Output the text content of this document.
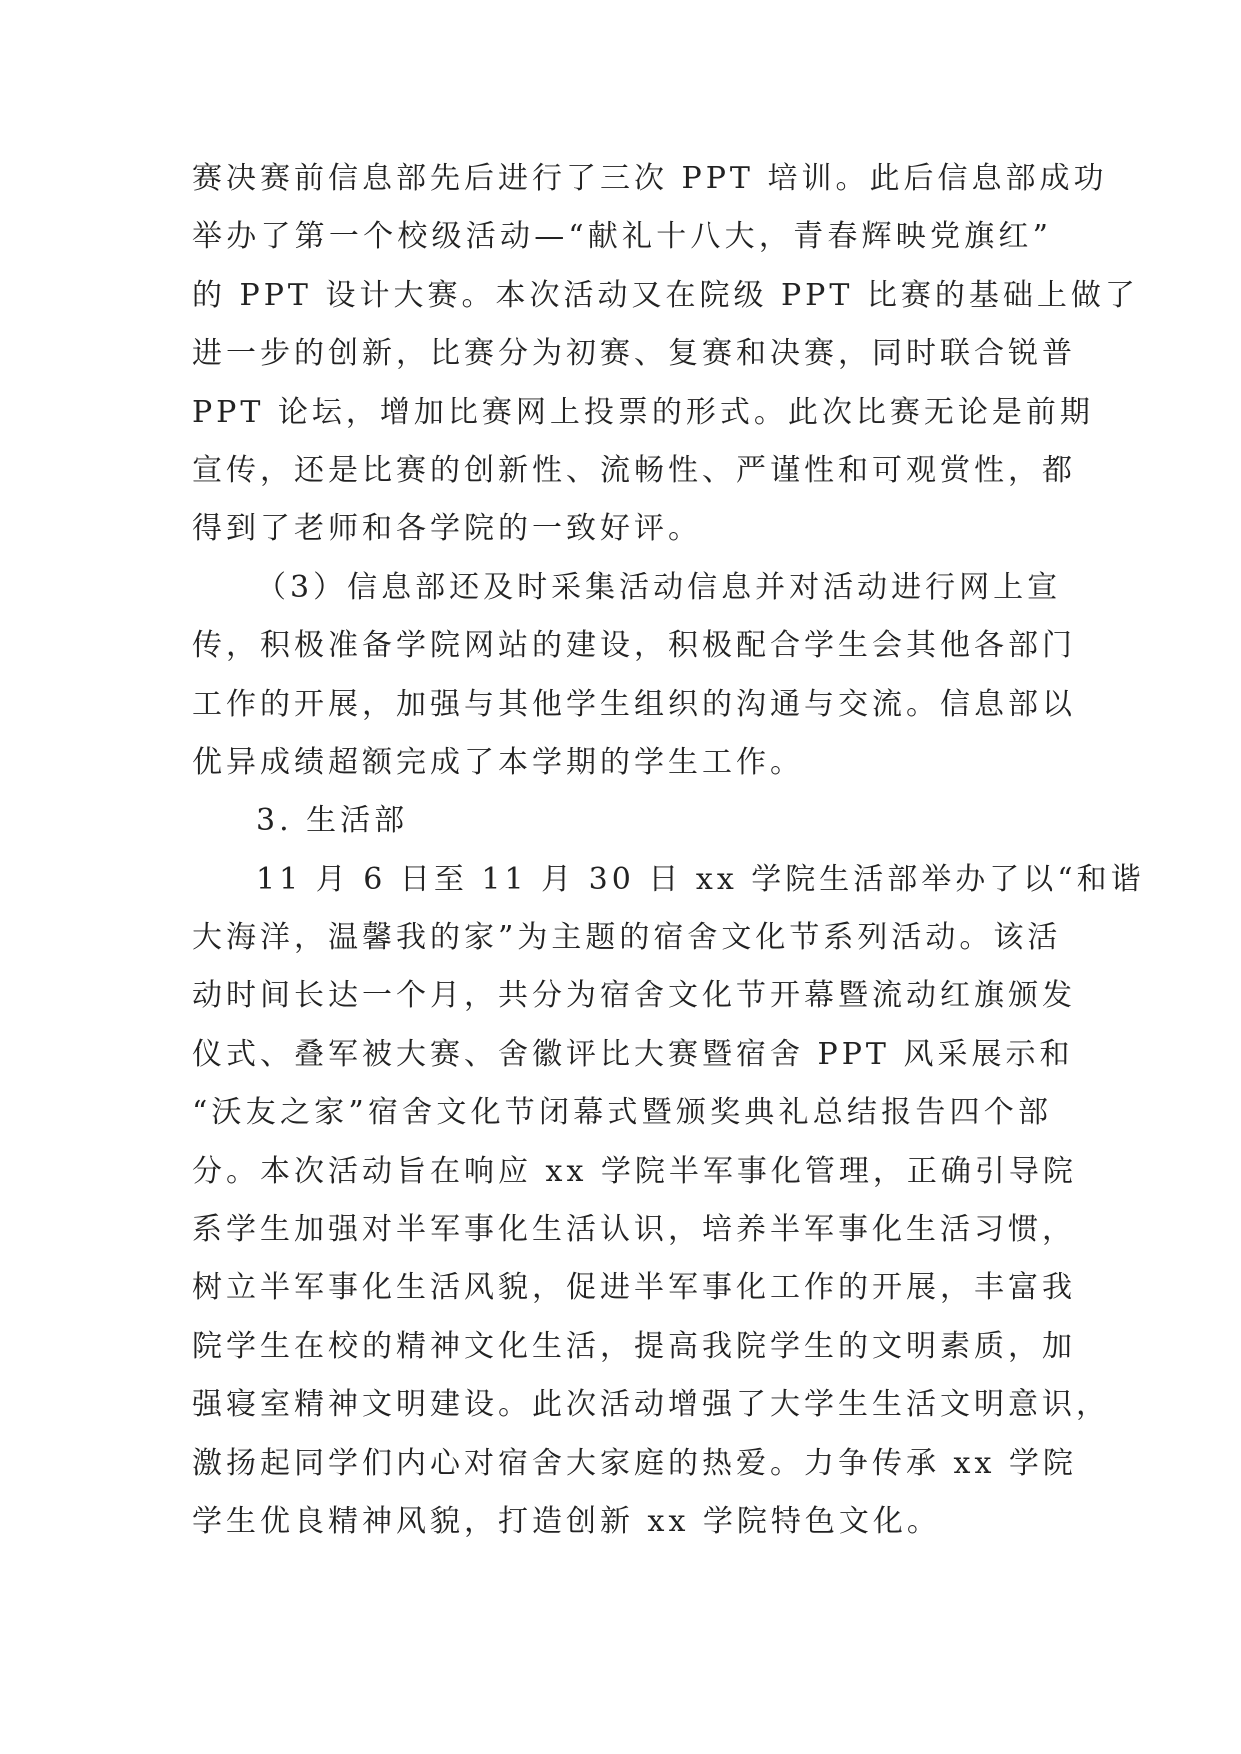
赛决赛前信息部先后进行了三次 PPT 培训。此后信息部成功
举办了第一个校级活动—“献礼十八大，青春辉映党旗红”
的 PPT 设计大赛。本次活动又在院级 PPT 比赛的基础上做了
进一步的创新，比赛分为初赛、复赛和决赛，同时联合锐普
PPT 论坛，增加比赛网上投票的形式。此次比赛无论是前期
宣传，还是比赛的创新性、流畅性、严谨性和可观赏性，都
得到了老师和各学院的一致好评。
（3）信息部还及时采集活动信息并对活动进行网上宣
传，积极准备学院网站的建设，积极配合学生会其他各部门
工作的开展，加强与其他学生组织的沟通与交流。信息部以
优异成绩超额完成了本学期的学生工作。
3. 生活部
11 月 6 日至 11 月 30 日 xx 学院生活部举办了以“和谐
大海洋，温馨我的家”为主题的宿舍文化节系列活动。该活
动时间长达一个月，共分为宿舍文化节开幕暨流动红旗颁发
仪式、叠军被大赛、舍徽评比大赛暨宿舍 PPT 风采展示和
“沃友之家”宿舍文化节闭幕式暨颁奖典礼总结报告四个部
分。本次活动旨在响应 xx 学院半军事化管理，正确引导院
系学生加强对半军事化生活认识，培养半军事化生活习惯，
树立半军事化生活风貌，促进半军事化工作的开展，丰富我
院学生在校的精神文化生活，提高我院学生的文明素质，加
强寝室精神文明建设。此次活动增强了大学生生活文明意识，
激扬起同学们内心对宿舍大家庭的热爱。力争传承 xx 学院
学生优良精神风貌，打造创新 xx 学院特色文化。
